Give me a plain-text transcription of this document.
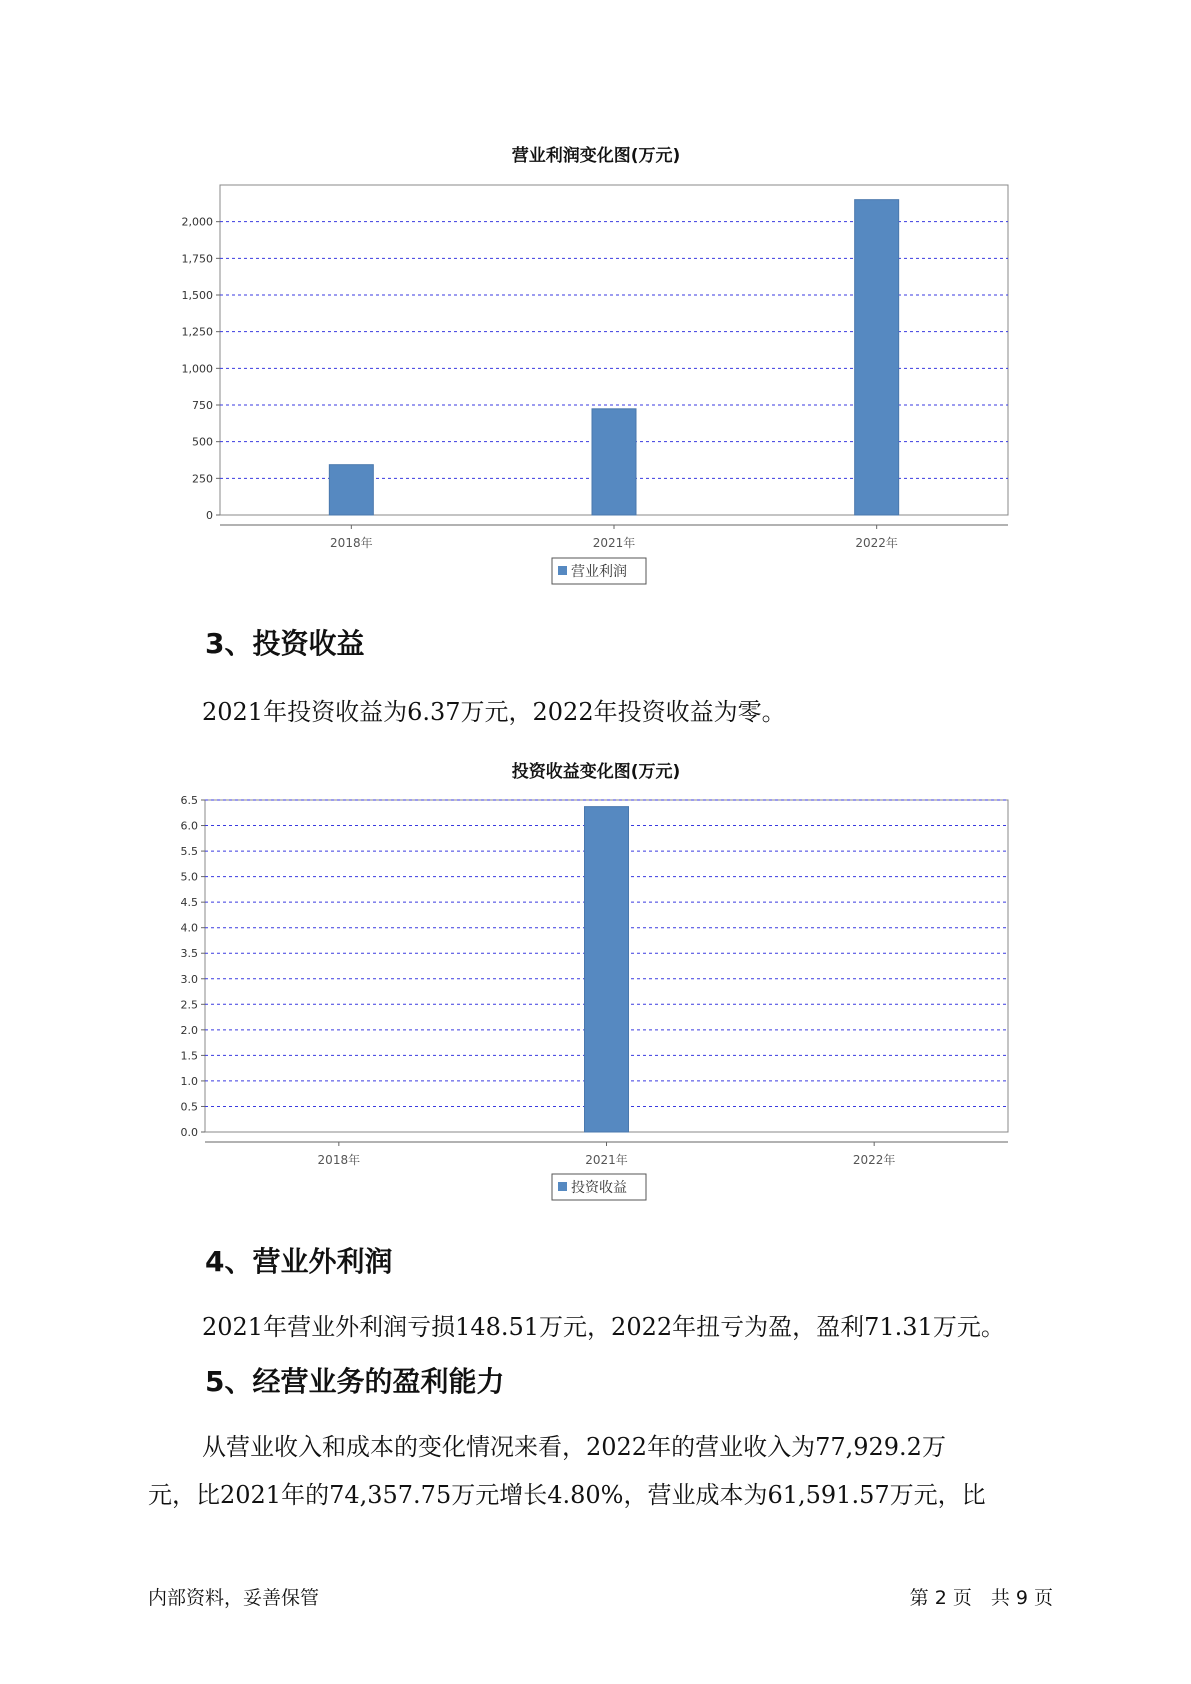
营业利润变化图(万元)
0
250
500
750
1,000
1,250
1,500
1,750
2,000
2018年	2021年	2022年
营业利润
3、投资收益

2021年投资收益为6.37万元，2022年投资收益为零。

投资收益变化图(万元)
0.0
0.5
1.0
1.5
2.0
2.5
3.0
3.5
4.0
4.5
5.0
5.5
6.0
6.5
2018年	2021年	2022年
投资收益
4、营业外利润

2021年营业外利润亏损148.51万元，2022年扭亏为盈，盈利71.31万元。

5、经营业务的盈利能力

从营业收入和成本的变化情况来看，2022年的营业收入为77,929.2万

元，比2021年的74,357.75万元增长4.80%，营业成本为61,591.57万元，比

内部资料，妥善保管	第 2 页　共 9 页
